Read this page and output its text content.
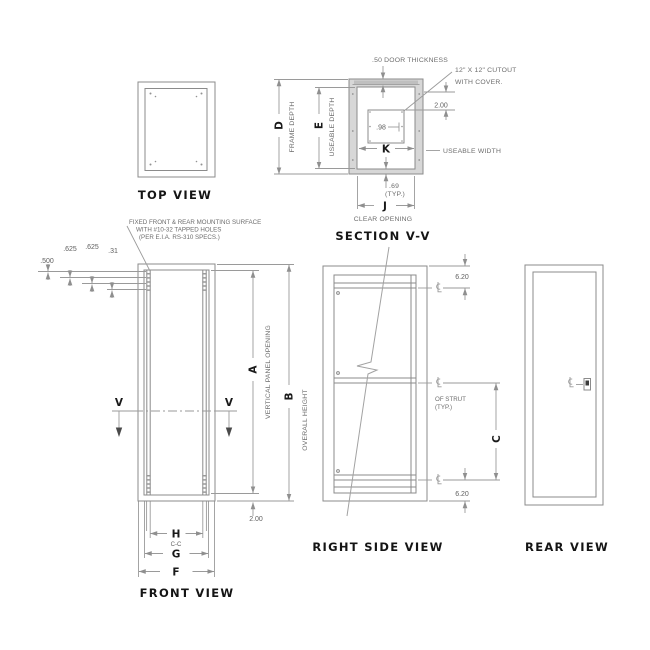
TOP VIEW
.98
.50 DOOR THICKNESS
12" X 12" CUTOUT
WITH COVER.
2.00
D FRAME DEPTH E USEABLE DEPTH	K	USEABLE WIDTH
.69
(TYP.)
J
CLEAR OPENING
SECTION V-V
FIXED FRONT & REAR MOUNTING SURFACE
WITH #10-32 TAPPED HOLES
(PER E.I.A. RS-310 SPECS.)
.500
.625 .625
.31
V	V
A VERTICAL PANEL OPENING B OVERALL HEIGHT
2.00
H
C-C
G
F
FRONT VIEW
OF STRUT
(TYP.)
6.20
C
6.20
RIGHT SIDE VIEW	REAR VIEW
